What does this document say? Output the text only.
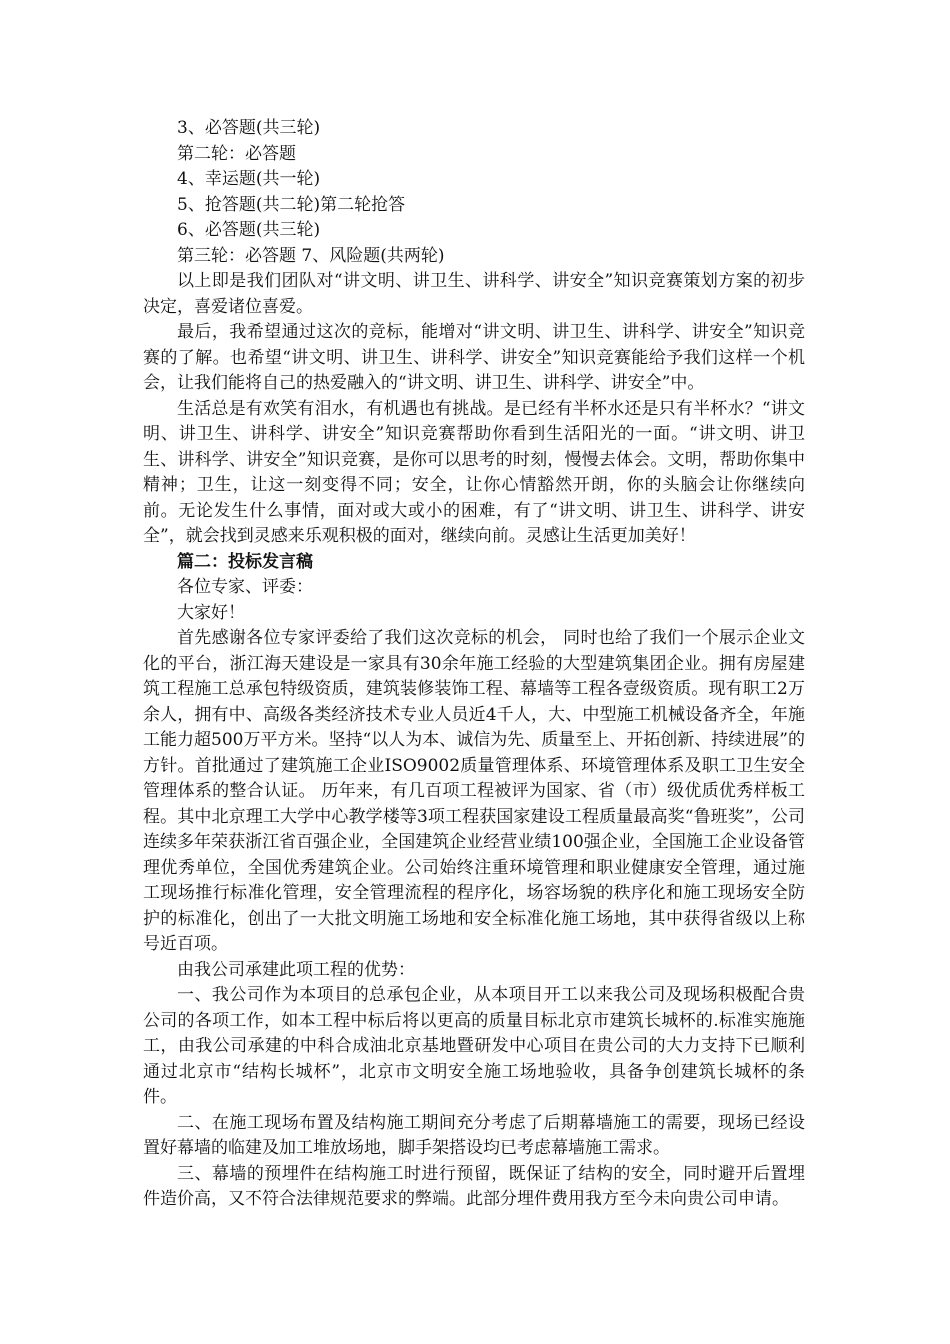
3、必答题(共三轮)

第二轮：必答题

4、幸运题(共一轮)

5、抢答题(共二轮)第二轮抢答

6、必答题(共三轮)

第三轮：必答题 7、风险题(共两轮)

以上即是我们团队对“讲文明、讲卫生、讲科学、讲安全”知识竞赛策划方案的初步决定，喜爱诸位喜爱。

最后，我希望通过这次的竞标，能增对“讲文明、讲卫生、讲科学、讲安全”知识竞赛的了解。也希望“讲文明、讲卫生、讲科学、讲安全”知识竞赛能给予我们这样一个机会，让我们能将自己的热爱融入的“讲文明、讲卫生、讲科学、讲安全”中。

生活总是有欢笑有泪水，有机遇也有挑战。是已经有半杯水还是只有半杯水？“讲文明、讲卫生、讲科学、讲安全”知识竞赛帮助你看到生活阳光的一面。“讲文明、讲卫生、讲科学、讲安全”知识竞赛，是你可以思考的时刻，慢慢去体会。文明，帮助你集中精神；卫生，让这一刻变得不同；安全，让你心情豁然开朗，你的头脑会让你继续向前。无论发生什么事情，面对或大或小的困难，有了“讲文明、讲卫生、讲科学、讲安全”，就会找到灵感来乐观积极的面对，继续向前。灵感让生活更加美好！

篇二：投标发言稿

各位专家、评委：

大家好！

首先感谢各位专家评委给了我们这次竞标的机会， 同时也给了我们一个展示企业文化的平台，浙江海天建设是一家具有30余年施工经验的大型建筑集团企业。拥有房屋建筑工程施工总承包特级资质，建筑装修装饰工程、幕墙等工程各壹级资质。现有职工2万余人，拥有中、高级各类经济技术专业人员近4千人，大、中型施工机械设备齐全，年施工能力超500万平方米。坚持“以人为本、诚信为先、质量至上、开拓创新、持续进展”的方针。首批通过了建筑施工企业ISO9002质量管理体系、环境管理体系及职工卫生安全管理体系的整合认证。 历年来，有几百项工程被评为国家、省（市）级优质优秀样板工程。其中北京理工大学中心教学楼等3项工程获国家建设工程质量最高奖“鲁班奖”，公司连续多年荣获浙江省百强企业，全国建筑企业经营业绩100强企业，全国施工企业设备管理优秀单位，全国优秀建筑企业。公司始终注重环境管理和职业健康安全管理，通过施工现场推行标准化管理，安全管理流程的程序化，场容场貌的秩序化和施工现场安全防护的标准化，创出了一大批文明施工场地和安全标准化施工场地，其中获得省级以上称号近百项。

由我公司承建此项工程的优势：

一、我公司作为本项目的总承包企业，从本项目开工以来我公司及现场积极配合贵公司的各项工作，如本工程中标后将以更高的质量目标北京市建筑长城杯的.标准实施施工，由我公司承建的中科合成油北京基地暨研发中心项目在贵公司的大力支持下已顺利通过北京市“结构长城杯”，北京市文明安全施工场地验收，具备争创建筑长城杯的条件。

二、在施工现场布置及结构施工期间充分考虑了后期幕墙施工的需要，现场已经设置好幕墙的临建及加工堆放场地，脚手架搭设均已考虑幕墙施工需求。

三、幕墙的预埋件在结构施工时进行预留，既保证了结构的安全，同时避开后置埋件造价高，又不符合法律规范要求的弊端。此部分埋件费用我方至今未向贵公司申请。
